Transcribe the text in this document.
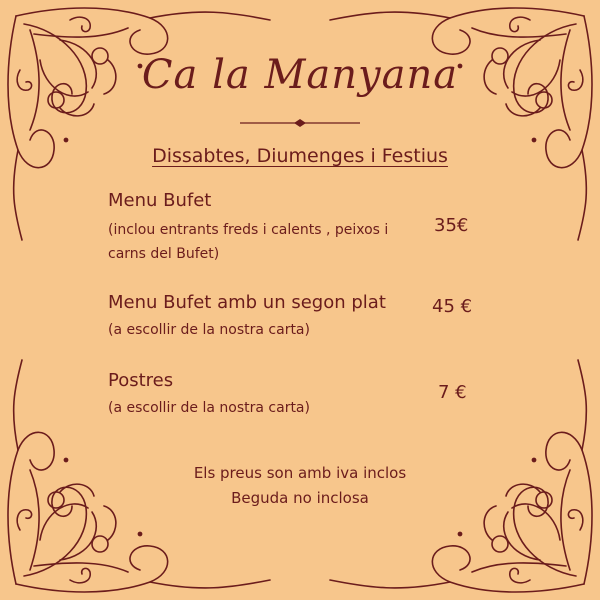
Ca la Manyana
Dissabtes, Diumenges i Festius
Menu Bufet
(inclou entrants freds i calents , peixos i
carns del Bufet)
35€
Menu Bufet amb un segon plat
(a escollir de la nostra carta)
45 €
Postres
(a escollir de la nostra carta)
7 €
Els preus son amb iva inclos
Beguda no inclosa
